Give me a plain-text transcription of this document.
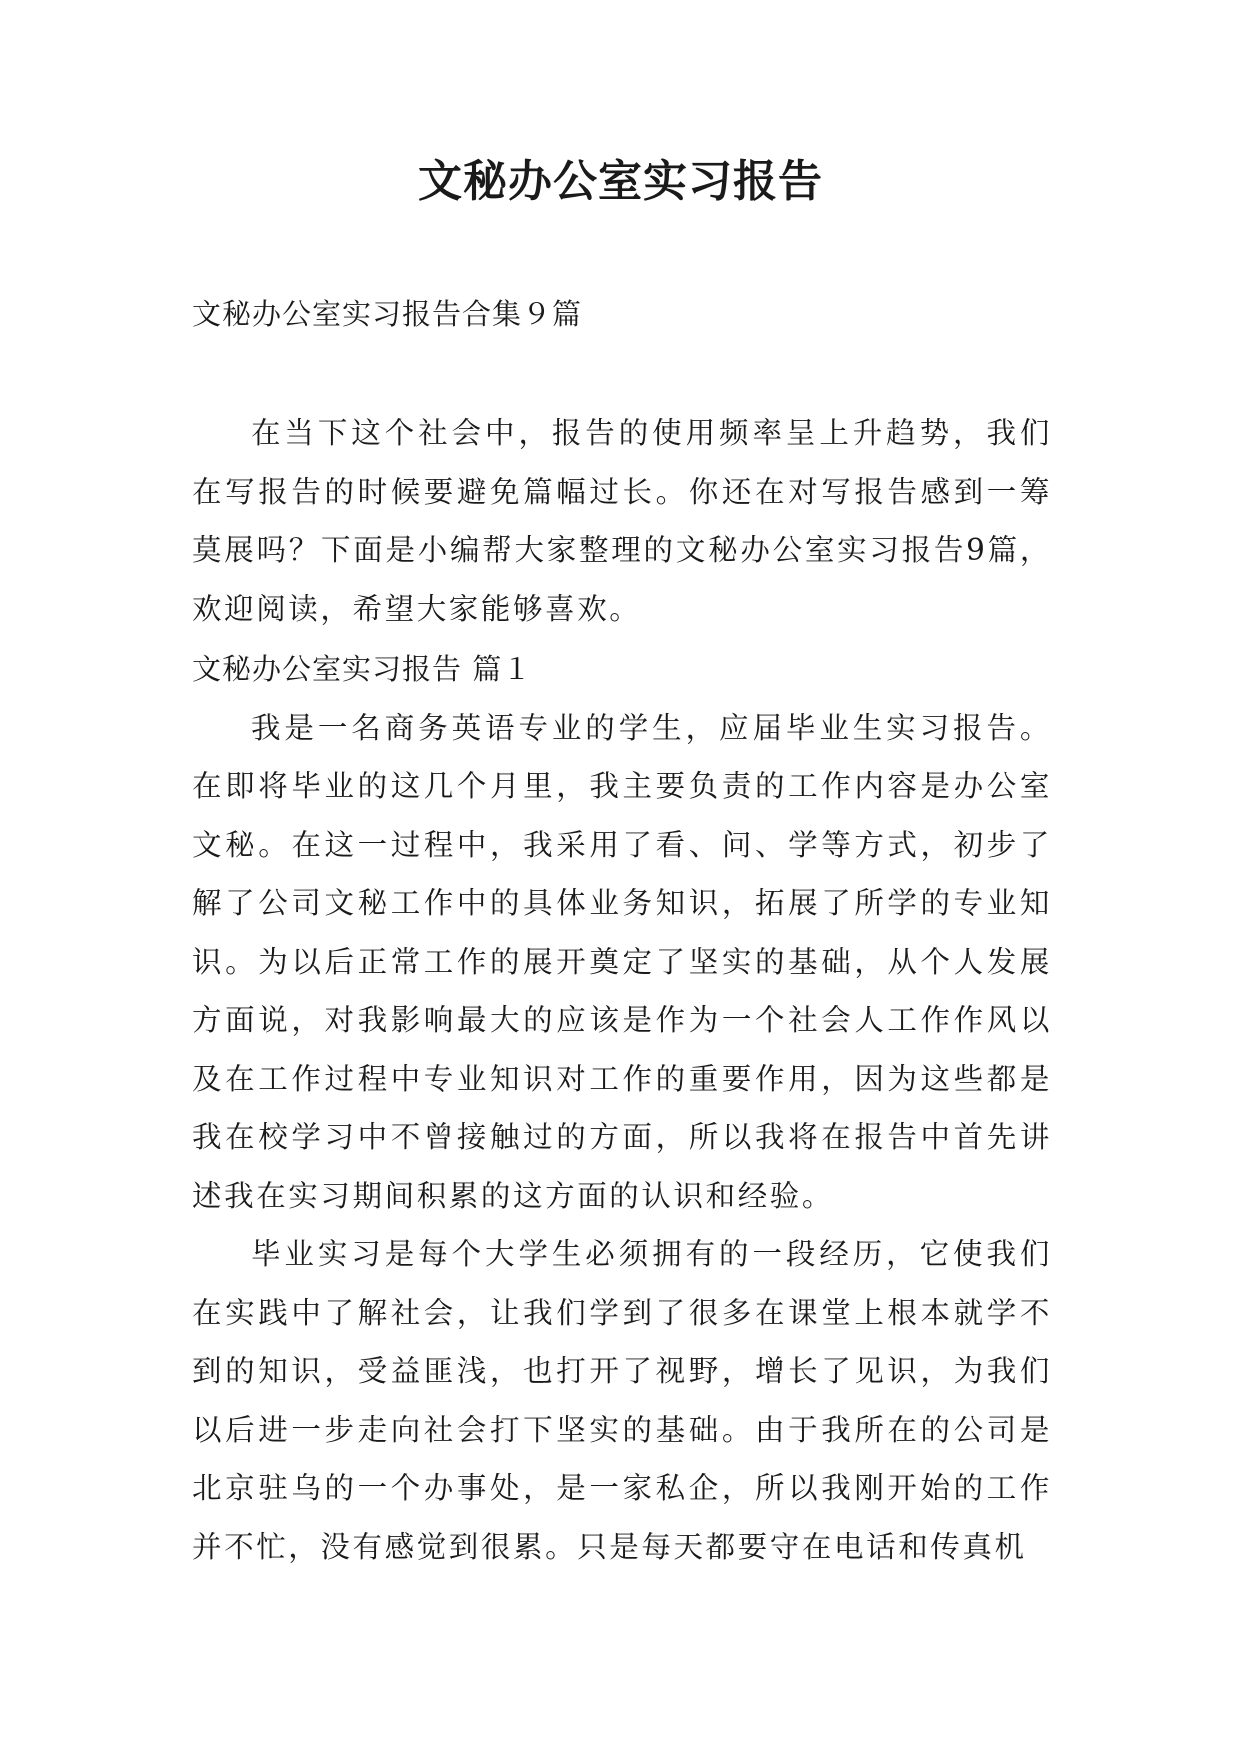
文秘办公室实习报告

文秘办公室实习报告合集９篇

在当下这个社会中，报告的使用频率呈上升趋势，我们在写报告的时候要避免篇幅过长。你还在对写报告感到一筹莫展吗？下面是小编帮大家整理的文秘办公室实习报告9篇，欢迎阅读，希望大家能够喜欢。

文秘办公室实习报告 篇１

我是一名商务英语专业的学生，应届毕业生实习报告。在即将毕业的这几个月里，我主要负责的工作内容是办公室文秘。在这一过程中，我采用了看、问、学等方式，初步了解了公司文秘工作中的具体业务知识，拓展了所学的专业知识。为以后正常工作的展开奠定了坚实的基础，从个人发展方面说，对我影响最大的应该是作为一个社会人工作作风以及在工作过程中专业知识对工作的重要作用，因为这些都是我在校学习中不曾接触过的方面，所以我将在报告中首先讲述我在实习期间积累的这方面的认识和经验。

毕业实习是每个大学生必须拥有的一段经历，它使我们在实践中了解社会，让我们学到了很多在课堂上根本就学不到的知识，受益匪浅，也打开了视野，增长了见识，为我们以后进一步走向社会打下坚实的基础。由于我所在的公司是北京驻乌的一个办事处，是一家私企，所以我刚开始的工作并不忙，没有感觉到很累。只是每天都要守在电话和传真机
